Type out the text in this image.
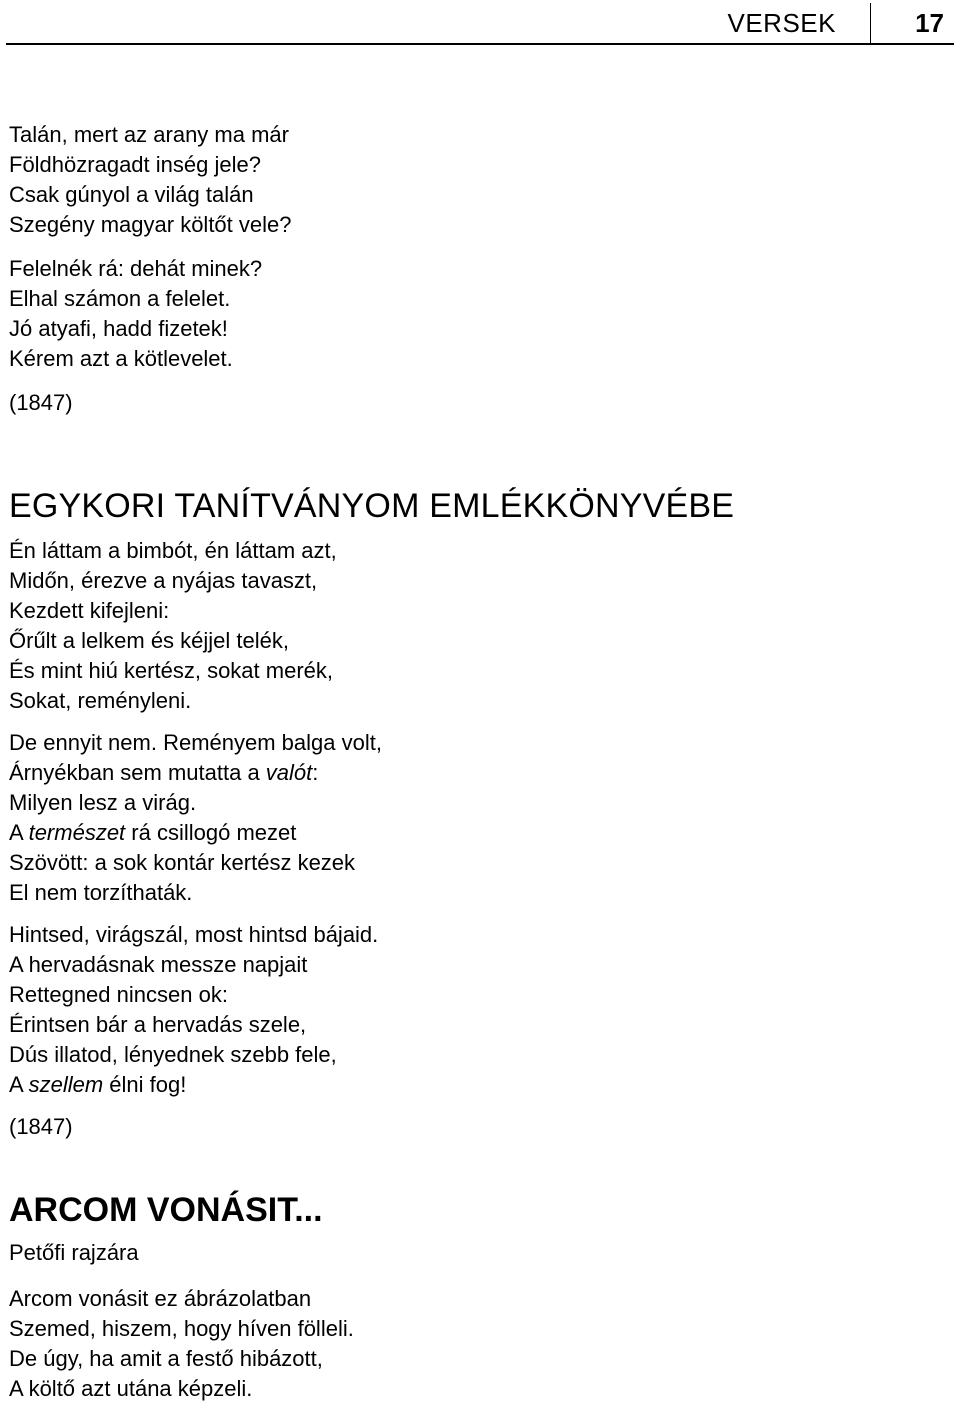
VERSEK	17
Talán, mert az arany ma már
Földhözragadt inség jele?
Csak gúnyol a világ talán
Szegény magyar költőt vele?
Felelnék rá: dehát minek?
Elhal számon a felelet.
Jó atyafi, hadd fizetek!
Kérem azt a kötlevelet.
(1847)
EGYKORI TANÍTVÁNYOM EMLÉKKÖNYVÉBE
Én láttam a bimbót, én láttam azt,
Midőn, érezve a nyájas tavaszt,
Kezdett kifejleni:
Őrűlt a lelkem és kéjjel telék,
És mint hiú kertész, sokat merék,
Sokat, reményleni.
De ennyit nem. Reményem balga volt,
Árnyékban sem mutatta a valót:
Milyen lesz a virág.
A természet rá csillogó mezet
Szövött: a sok kontár kertész kezek
El nem torzíthaták.
Hintsed, virágszál, most hintsd bájaid.
A hervadásnak messze napjait
Rettegned nincsen ok:
Érintsen bár a hervadás szele,
Dús illatod, lényednek szebb fele,
A szellem élni fog!
(1847)
ARCOM VONÁSIT...
Petőfi rajzára
Arcom vonásit ez ábrázolatban
Szemed, hiszem, hogy híven fölleli.
De úgy, ha amit a festő hibázott,
A költő azt utána képzeli.
